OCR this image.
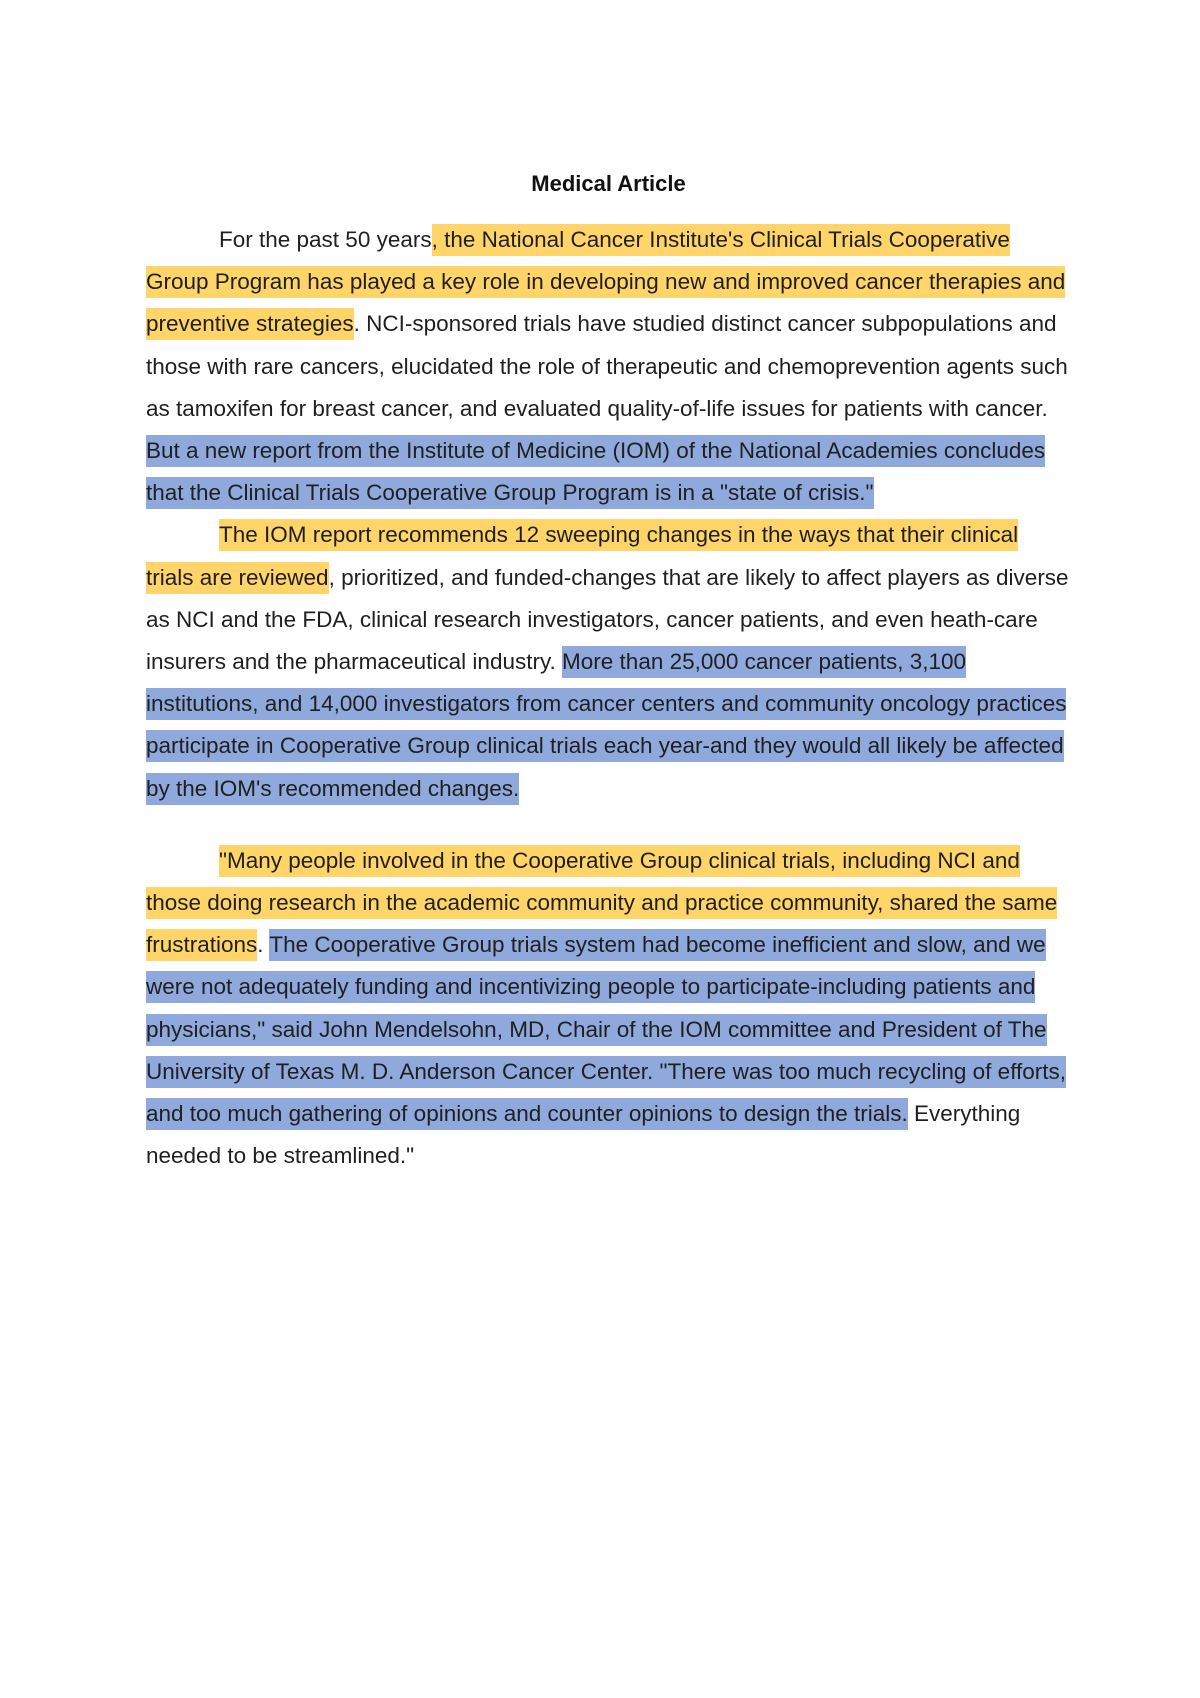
Medical Article

For the past 50 years, the National Cancer Institute's Clinical Trials Cooperative Group Program has played a key role in developing new and improved cancer therapies and preventive strategies. NCI-sponsored trials have studied distinct cancer subpopulations and those with rare cancers, elucidated the role of therapeutic and chemoprevention agents such as tamoxifen for breast cancer, and evaluated quality-of-life issues for patients with cancer. But a new report from the Institute of Medicine (IOM) of the National Academies concludes that the Clinical Trials Cooperative Group Program is in a "state of crisis."

The IOM report recommends 12 sweeping changes in the ways that their clinical trials are reviewed, prioritized, and funded-changes that are likely to affect players as diverse as NCI and the FDA, clinical research investigators, cancer patients, and even heath-care insurers and the pharmaceutical industry. More than 25,000 cancer patients, 3,100 institutions, and 14,000 investigators from cancer centers and community oncology practices participate in Cooperative Group clinical trials each year-and they would all likely be affected by the IOM's recommended changes.

"Many people involved in the Cooperative Group clinical trials, including NCI and those doing research in the academic community and practice community, shared the same frustrations. The Cooperative Group trials system had become inefficient and slow, and we were not adequately funding and incentivizing people to participate-including patients and physicians," said John Mendelsohn, MD, Chair of the IOM committee and President of The University of Texas M. D. Anderson Cancer Center. "There was too much recycling of efforts, and too much gathering of opinions and counter opinions to design the trials. Everything needed to be streamlined."
